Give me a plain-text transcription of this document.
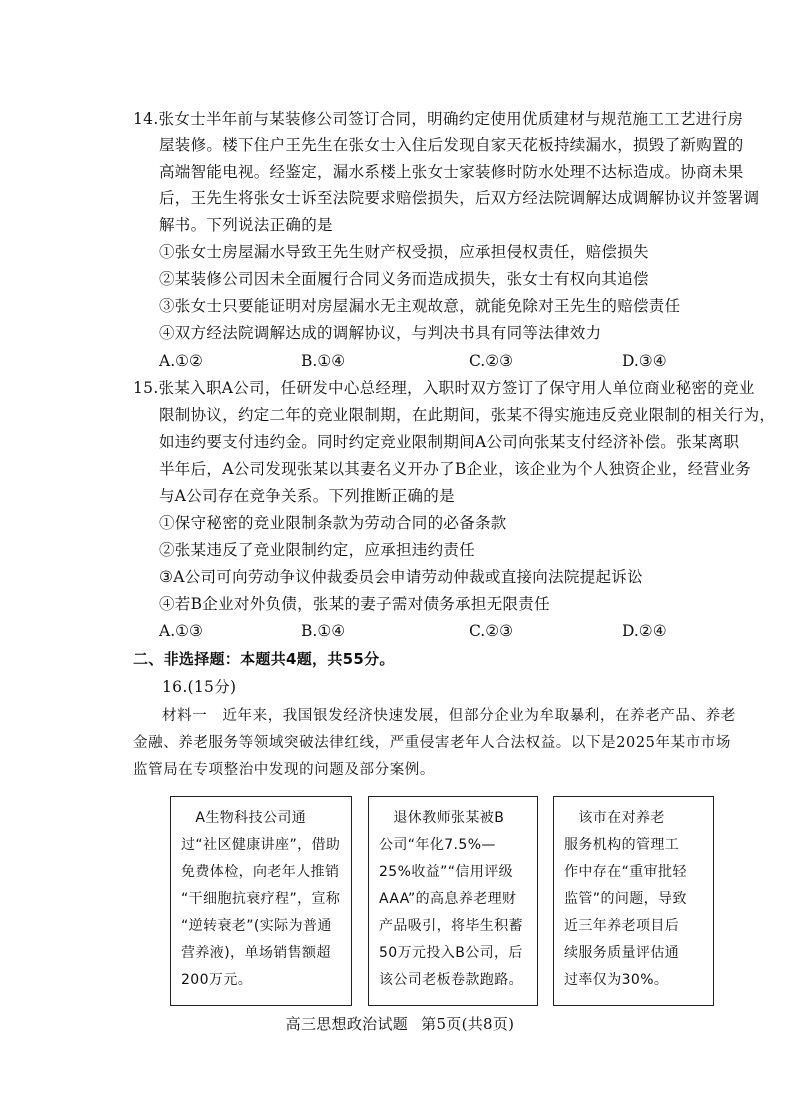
14.张女士半年前与某装修公司签订合同，明确约定使用优质建材与规范施工工艺进行房
屋装修。楼下住户王先生在张女士入住后发现自家天花板持续漏水，损毁了新购置的
高端智能电视。经鉴定，漏水系楼上张女士家装修时防水处理不达标造成。协商未果
后，王先生将张女士诉至法院要求赔偿损失，后双方经法院调解达成调解协议并签署调
解书。下列说法正确的是
①张女士房屋漏水导致王先生财产权受损，应承担侵权责任，赔偿损失
②某装修公司因未全面履行合同义务而造成损失，张女士有权向其追偿
③张女士只要能证明对房屋漏水无主观故意，就能免除对王先生的赔偿责任
④双方经法院调解达成的调解协议，与判决书具有同等法律效力
A.①②	B.①④	C.②③	D.③④
15.张某入职A公司，任研发中心总经理，入职时双方签订了保守用人单位商业秘密的竞业
限制协议，约定二年的竞业限制期，在此期间，张某不得实施违反竞业限制的相关行为，
如违约要支付违约金。同时约定竞业限制期间A公司向张某支付经济补偿。张某离职
半年后，A公司发现张某以其妻名义开办了B企业，该企业为个人独资企业，经营业务
与A公司存在竞争关系。下列推断正确的是
①保守秘密的竞业限制条款为劳动合同的必备条款
②张某违反了竞业限制约定，应承担违约责任
③A公司可向劳动争议仲裁委员会申请劳动仲裁或直接向法院提起诉讼
④若B企业对外负债，张某的妻子需对债务承担无限责任
A.①③	B.①④	C.②③	D.②④
二、非选择题：本题共4题，共55分。
16.(15分)
材料一　近年来，我国银发经济快速发展，但部分企业为牟取暴利，在养老产品、养老
金融、养老服务等领域突破法律红线，严重侵害老年人合法权益。以下是2025年某市市场
监管局在专项整治中发现的问题及部分案例。
　A生物科技公司通
过“社区健康讲座”，借助
免费体检，向老年人推销
“干细胞抗衰疗程”，宣称
“逆转衰老”(实际为普通
营养液)，单场销售额超
200万元。
　退休教师张某被B
公司“年化7.5%—
25%收益”“信用评级
AAA”的高息养老理财
产品吸引，将毕生积蓄
50万元投入B公司，后
该公司老板卷款跑路。
　该市在对养老
服务机构的管理工
作中存在“重审批轻
监管”的问题，导致
近三年养老项目后
续服务质量评估通
过率仅为30%。
高三思想政治试题 第5页(共8页)
